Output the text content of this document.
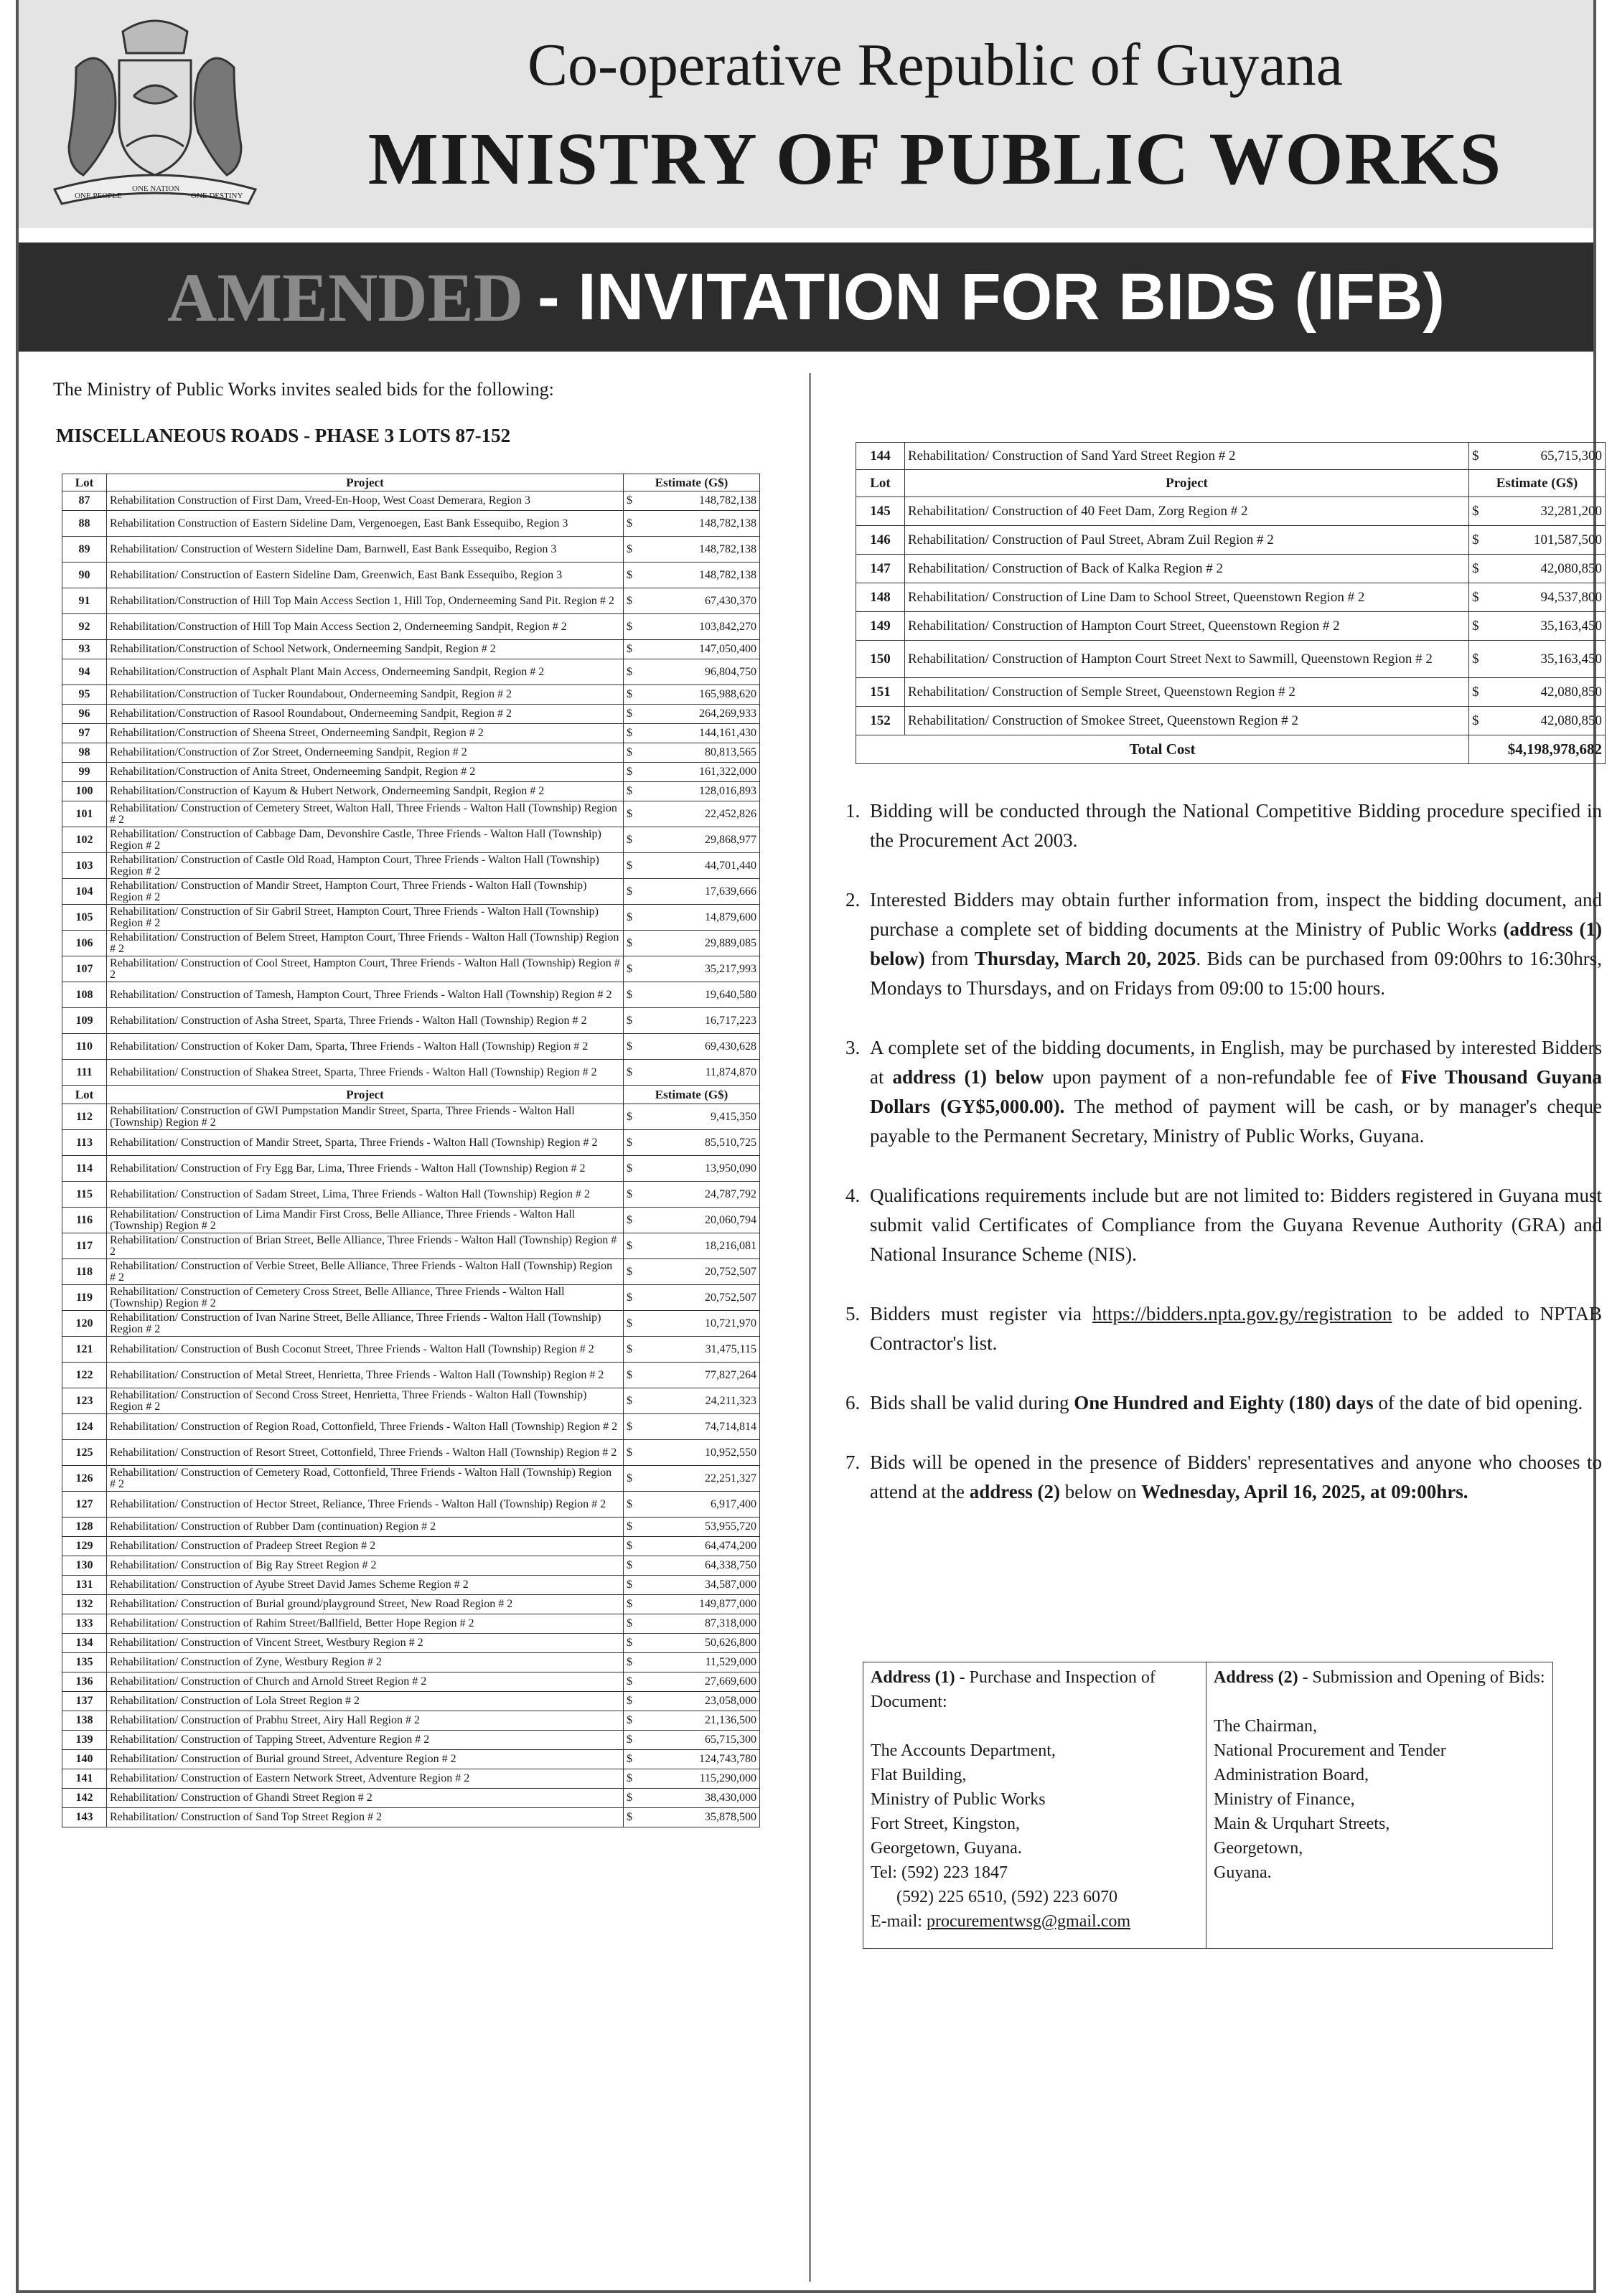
ONE PEOPLE
ONE NATION
ONE DESTINY
Co-operative Republic of Guyana
MINISTRY OF PUBLIC WORKS
AMENDED - INVITATION FOR BIDS (IFB)
The Ministry of Public Works invites sealed bids for the following:
MISCELLANEOUS ROADS - PHASE 3 LOTS 87-152
Lot	Project	Estimate (G$)
87	Rehabilitation Construction of First Dam, Vreed-En-Hoop, West Coast Demerara, Region 3	$ 148,782,138

88	Rehabilitation Construction of Eastern Sideline Dam, Vergenoegen, East Bank Essequibo, Region 3	$ 148,782,138

89	Rehabilitation/ Construction of Western Sideline Dam, Barnwell, East Bank Essequibo, Region 3	$ 148,782,138

90	Rehabilitation/ Construction of Eastern Sideline Dam, Greenwich, East Bank Essequibo, Region 3	$ 148,782,138

91	Rehabilitation/Construction of Hill Top Main Access Section 1, Hill Top, Onderneeming Sand Pit. Region # 2	$ 67,430,370

92	Rehabilitation/Construction of Hill Top Main Access Section 2, Onderneeming Sandpit, Region # 2	$ 103,842,270

93	Rehabilitation/Construction of School Network, Onderneeming Sandpit, Region # 2	$ 147,050,400

94	Rehabilitation/Construction of Asphalt Plant Main Access, Onderneeming Sandpit, Region # 2	$ 96,804,750

95	Rehabilitation/Construction of Tucker Roundabout, Onderneeming Sandpit, Region # 2	$ 165,988,620

96	Rehabilitation/Construction of Rasool Roundabout, Onderneeming Sandpit, Region # 2	$ 264,269,933

97	Rehabilitation/Construction of Sheena Street, Onderneeming Sandpit, Region # 2	$ 144,161,430

98	Rehabilitation/Construction of Zor Street, Onderneeming Sandpit, Region # 2	$ 80,813,565

99	Rehabilitation/Construction of Anita Street, Onderneeming Sandpit, Region # 2	$ 161,322,000

100	Rehabilitation/Construction of Kayum & Hubert Network, Onderneeming Sandpit, Region # 2	$ 128,016,893

101	Rehabilitation/ Construction of Cemetery Street, Walton Hall, Three Friends - Walton Hall (Township) Region # 2	$ 22,452,826

102	Rehabilitation/ Construction of Cabbage Dam, Devonshire Castle, Three Friends - Walton Hall (Township) Region # 2	$ 29,868,977

103	Rehabilitation/ Construction of Castle Old Road, Hampton Court, Three Friends - Walton Hall (Township) Region # 2	$ 44,701,440

104	Rehabilitation/ Construction of Mandir Street, Hampton Court, Three Friends - Walton Hall (Township) Region # 2	$ 17,639,666

105	Rehabilitation/ Construction of Sir Gabril Street, Hampton Court, Three Friends - Walton Hall (Township) Region # 2	$ 14,879,600

106	Rehabilitation/ Construction of Belem Street, Hampton Court, Three Friends - Walton Hall (Township) Region # 2	$ 29,889,085

107	Rehabilitation/ Construction of Cool Street, Hampton Court, Three Friends - Walton Hall (Township) Region # 2	$ 35,217,993

108	Rehabilitation/ Construction of Tamesh, Hampton Court, Three Friends - Walton Hall (Township) Region # 2	$ 19,640,580

109	Rehabilitation/ Construction of Asha Street, Sparta, Three Friends - Walton Hall (Township) Region # 2	$ 16,717,223

110	Rehabilitation/ Construction of Koker Dam, Sparta, Three Friends - Walton Hall (Township) Region # 2	$ 69,430,628

111	Rehabilitation/ Construction of Shakea Street, Sparta, Three Friends - Walton Hall (Township) Region # 2	$ 11,874,870

Lot	Project	Estimate (G$)
112	Rehabilitation/ Construction of GWI Pumpstation Mandir Street, Sparta, Three Friends - Walton Hall (Township) Region # 2	$ 9,415,350

113	Rehabilitation/ Construction of Mandir Street, Sparta, Three Friends - Walton Hall (Township) Region # 2	$ 85,510,725

114	Rehabilitation/ Construction of Fry Egg Bar, Lima, Three Friends - Walton Hall (Township) Region # 2	$ 13,950,090

115	Rehabilitation/ Construction of Sadam Street, Lima, Three Friends - Walton Hall (Township) Region # 2	$ 24,787,792

116	Rehabilitation/ Construction of Lima Mandir First Cross, Belle Alliance, Three Friends - Walton Hall (Township) Region # 2	$ 20,060,794

117	Rehabilitation/ Construction of Brian Street, Belle Alliance, Three Friends - Walton Hall (Township) Region # 2	$ 18,216,081

118	Rehabilitation/ Construction of Verbie Street, Belle Alliance, Three Friends - Walton Hall (Township) Region # 2	$ 20,752,507

119	Rehabilitation/ Construction of Cemetery Cross Street, Belle Alliance, Three Friends - Walton Hall (Township) Region # 2	$ 20,752,507

120	Rehabilitation/ Construction of Ivan Narine Street, Belle Alliance, Three Friends - Walton Hall (Township) Region # 2	$ 10,721,970

121	Rehabilitation/ Construction of Bush Coconut Street, Three Friends - Walton Hall (Township) Region # 2	$ 31,475,115

122	Rehabilitation/ Construction of Metal Street, Henrietta, Three Friends - Walton Hall (Township) Region # 2	$ 77,827,264

123	Rehabilitation/ Construction of Second Cross Street, Henrietta, Three Friends - Walton Hall (Township) Region # 2	$ 24,211,323

124	Rehabilitation/ Construction of Region Road, Cottonfield, Three Friends - Walton Hall (Township) Region # 2	$ 74,714,814

125	Rehabilitation/ Construction of Resort Street, Cottonfield, Three Friends - Walton Hall (Township) Region # 2	$ 10,952,550

126	Rehabilitation/ Construction of Cemetery Road, Cottonfield, Three Friends - Walton Hall (Township) Region # 2	$ 22,251,327

127	Rehabilitation/ Construction of Hector Street, Reliance, Three Friends - Walton Hall (Township) Region # 2	$ 6,917,400

128	Rehabilitation/ Construction of Rubber Dam (continuation) Region # 2	$ 53,955,720

129	Rehabilitation/ Construction of Pradeep Street Region # 2	$ 64,474,200

130	Rehabilitation/ Construction of Big Ray Street Region # 2	$ 64,338,750

131	Rehabilitation/ Construction of Ayube Street David James Scheme Region # 2	$ 34,587,000

132	Rehabilitation/ Construction of Burial ground/playground Street, New Road Region # 2	$ 149,877,000

133	Rehabilitation/ Construction of Rahim Street/Ballfield, Better Hope Region # 2	$ 87,318,000

134	Rehabilitation/ Construction of Vincent Street, Westbury Region # 2	$ 50,626,800

135	Rehabilitation/ Construction of Zyne, Westbury Region # 2	$ 11,529,000

136	Rehabilitation/ Construction of Church and Arnold Street Region # 2	$ 27,669,600

137	Rehabilitation/ Construction of Lola Street Region # 2	$ 23,058,000

138	Rehabilitation/ Construction of Prabhu Street, Airy Hall Region # 2	$ 21,136,500

139	Rehabilitation/ Construction of Tapping Street, Adventure Region # 2	$ 65,715,300

140	Rehabilitation/ Construction of Burial ground Street, Adventure Region # 2	$ 124,743,780

141	Rehabilitation/ Construction of Eastern Network Street, Adventure Region # 2	$ 115,290,000

142	Rehabilitation/ Construction of Ghandi Street Region # 2	$ 38,430,000

143	Rehabilitation/ Construction of Sand Top Street Region # 2	$ 35,878,500
144	Rehabilitation/ Construction of Sand Yard Street Region # 2	$ 65,715,300

Lot	Project	Estimate (G$)
145	Rehabilitation/ Construction of 40 Feet Dam, Zorg Region # 2	$ 32,281,200

146	Rehabilitation/ Construction of Paul Street, Abram Zuil Region # 2	$ 101,587,500

147	Rehabilitation/ Construction of Back of Kalka Region # 2	$ 42,080,850

148	Rehabilitation/ Construction of Line Dam to School Street, Queenstown Region # 2	$ 94,537,800

149	Rehabilitation/ Construction of Hampton Court Street, Queenstown Region # 2	$ 35,163,450

150	Rehabilitation/ Construction of Hampton Court Street Next to Sawmill, Queenstown Region # 2	$ 35,163,450

151	Rehabilitation/ Construction of Semple Street, Queenstown Region # 2	$ 42,080,850

152	Rehabilitation/ Construction of Smokee Street, Queenstown Region # 2	$ 42,080,850

Total Cost		$4,198,978,682
1. Bidding will be conducted through the National Competitive Bidding procedure specified in the Procurement Act 2003.
2. Interested Bidders may obtain further information from, inspect the bidding document, and purchase a complete set of bidding documents at the Ministry of Public Works (address (1) below) from Thursday, March 20, 2025. Bids can be purchased from 09:00hrs to 16:30hrs, Mondays to Thursdays, and on Fridays from 09:00 to 15:00 hours.
3. A complete set of the bidding documents, in English, may be purchased by interested Bidders at address (1) below upon payment of a non-refundable fee of Five Thousand Guyana Dollars (GY$5,000.00). The method of payment will be cash, or by manager's cheque payable to the Permanent Secretary, Ministry of Public Works, Guyana.
4. Qualifications requirements include but are not limited to: Bidders registered in Guyana must submit valid Certificates of Compliance from the Guyana Revenue Authority (GRA) and National Insurance Scheme (NIS).
5. Bidders must register via https://bidders.npta.gov.gy/registration to be added to NPTAB Contractor's list.
6. Bids shall be valid during One Hundred and Eighty (180) days of the date of bid opening.
7. Bids will be opened in the presence of Bidders' representatives and anyone who chooses to attend at the address (2) below on Wednesday, April 16, 2025, at 09:00hrs.
Address (1) - Purchase and Inspection of Document:
The Accounts Department,
Flat Building,
Ministry of Public Works
Fort Street, Kingston,
Georgetown, Guyana.
Tel: (592) 223 1847
(592) 225 6510, (592) 223 6070
E-mail: procurementwsg@gmail.com
Address (2) - Submission and Opening of Bids:
The Chairman,
National Procurement and Tender Administration Board,
Ministry of Finance,
Main & Urquhart Streets,
Georgetown,
Guyana.
